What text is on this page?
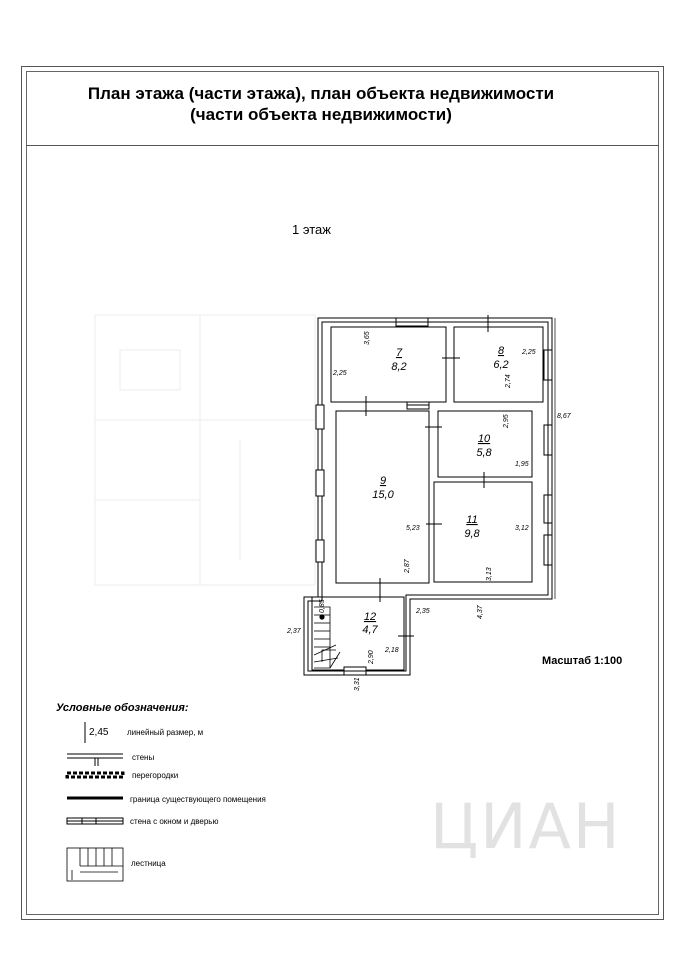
План этажа (части этажа), план объекта недвижимости
(части объекта недвижимости)

1 этаж
7
8,2
8
6,2
9
15,0
10
5,8
11
9,8
12
4,7
3,65
2,25
2,25
2,74
8,67
2,95
1,95
5,23
2,87
3,12
3,13
4,37
0,85	2,35
2,37
2,90 2,18
3,31
2,45 линейный размер, м
стены
перегородки
граница существующего помещения
стена с окном и дверью
лестница
Масштаб 1:100
Условные обозначения:
ЦИАН
